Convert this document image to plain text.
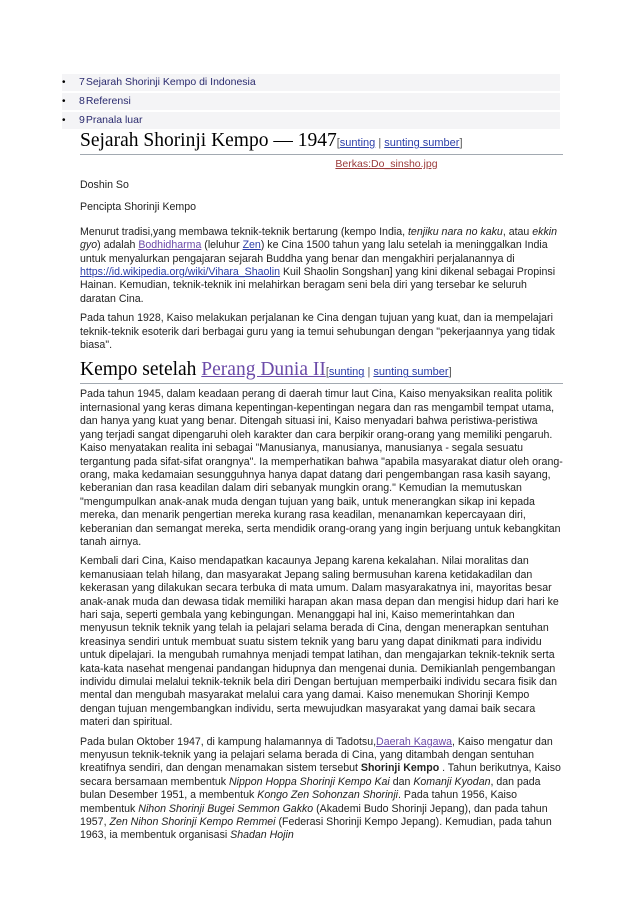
• 7Sejarah Shorinji Kempo di Indonesia
• 8Referensi
• 9Pranala luar
Sejarah Shorinji Kempo — 1947[sunting | sunting sumber]
Berkas:Do_sinsho.jpg

Doshin So

Pencipta Shorinji Kempo

Menurut tradisi,yang membawa teknik-teknik bertarung (kempo India, tenjiku nara no kaku, atau ekkin gyo) adalah Bodhidharma (leluhur Zen) ke Cina 1500 tahun yang lalu setelah ia meninggalkan India untuk menyalurkan pengajaran sejarah Buddha yang benar dan mengakhiri perjalanannya di https://id.wikipedia.org/wiki/Vihara_Shaolin Kuil Shaolin Songshan] yang kini dikenal sebagai Propinsi Hainan. Kemudian, teknik-teknik ini melahirkan beragam seni bela diri yang tersebar ke seluruh daratan Cina.

Pada tahun 1928, Kaiso melakukan perjalanan ke Cina dengan tujuan yang kuat, dan ia mempelajari teknik-teknik esoterik dari berbagai guru yang ia temui sehubungan dengan "pekerjaannya yang tidak biasa".

Kempo setelah Perang Dunia II[sunting | sunting sumber]

Pada tahun 1945, dalam keadaan perang di daerah timur laut Cina, Kaiso menyaksikan realita politik internasional yang keras dimana kepentingan-kepentingan negara dan ras mengambil tempat utama, dan hanya yang kuat yang benar. Ditengah situasi ini, Kaiso menyadari bahwa peristiwa-peristiwa yang terjadi sangat dipengaruhi oleh karakter dan cara berpikir orang-orang yang memiliki pengaruh. Kaiso menyatakan realita ini sebagai "Manusianya, manusianya, manusianya - segala sesuatu tergantung pada sifat-sifat orangnya". Ia memperhatikan bahwa "apabila masyarakat diatur oleh orang-orang, maka kedamaian sesungguhnya hanya dapat datang dari pengembangan rasa kasih sayang, keberanian dan rasa keadilan dalam diri sebanyak mungkin orang." Kemudian Ia memutuskan "mengumpulkan anak-anak muda dengan tujuan yang baik, untuk menerangkan sikap ini kepada mereka, dan menarik pengertian mereka kurang rasa keadilan, menanamkan kepercayaan diri, keberanian dan semangat mereka, serta mendidik orang-orang yang ingin berjuang untuk kebangkitan tanah airnya.

Kembali dari Cina, Kaiso mendapatkan kacaunya Jepang karena kekalahan. Nilai moralitas dan kemanusiaan telah hilang, dan masyarakat Jepang saling bermusuhan karena ketidakadilan dan kekerasan yang dilakukan secara terbuka di mata umum. Dalam masyarakatnya ini, mayoritas besar anak-anak muda dan dewasa tidak memiliki harapan akan masa depan dan mengisi hidup dari hari ke hari saja, seperti gembala yang kebingungan. Menanggapi hal ini, Kaiso memerintahkan dan menyusun teknik teknik yang telah ia pelajari selama berada di Cina, dengan menerapkan sentuhan kreasinya sendiri untuk membuat suatu sistem teknik yang baru yang dapat dinikmati para individu untuk dipelajari. Ia mengubah rumahnya menjadi tempat latihan, dan mengajarkan teknik-teknik serta kata-kata nasehat mengenai pandangan hidupnya dan mengenai dunia. Demikianlah pengembangan individu dimulai melalui teknik-teknik bela diri Dengan bertujuan memperbaiki individu secara fisik dan mental dan mengubah masyarakat melalui cara yang damai. Kaiso menemukan Shorinji Kempo dengan tujuan mengembangkan individu, serta mewujudkan masyarakat yang damai baik secara materi dan spiritual.

Pada bulan Oktober 1947, di kampung halamannya di Tadotsu,Daerah Kagawa, Kaiso mengatur dan menyusun teknik-teknik yang ia pelajari selama berada di Cina, yang ditambah dengan sentuhan kreatifnya sendiri, dan dengan menamakan sistem tersebut Shorinji Kempo . Tahun berikutnya, Kaiso secara bersamaan membentuk Nippon Hoppa Shorinji Kempo Kai dan Komanji Kyodan, dan pada bulan Desember 1951, a membentuk Kongo Zen Sohonzan Shorinji. Pada tahun 1956, Kaiso membentuk Nihon Shorinji Bugei Semmon Gakko (Akademi Budo Shorinji Jepang), dan pada tahun 1957, Zen Nihon Shorinji Kempo Remmei (Federasi Shorinji Kempo Jepang). Kemudian, pada tahun 1963, ia membentuk organisasi Shadan Hojin
